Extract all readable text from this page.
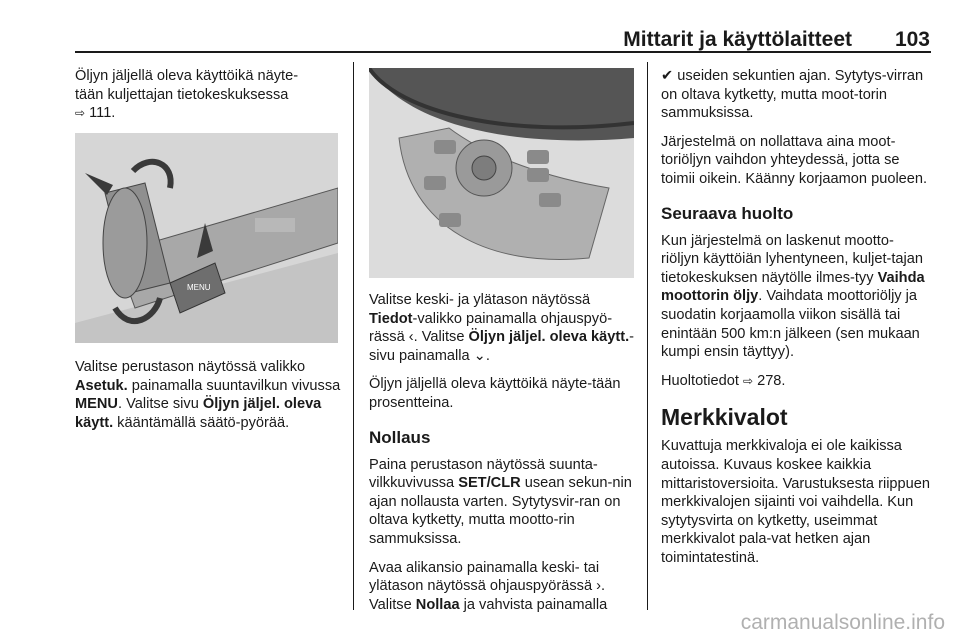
Mittarit ja käyttölaitteet	103

Öljyn jäljellä oleva käyttöikä näyte-
tään kuljettajan tietokeskuksessa
⇨ 111.

MENU

Valitse perustason näytössä valikko Asetuk. painamalla suuntavilkun vivussa MENU. Valitse sivu Öljyn jäljel. oleva käytt. kääntämällä säätö-pyörää.

Valitse keski- ja ylätason näytössä Tiedot-valikko painamalla ohjauspyö-rässä ‹. Valitse Öljyn jäljel. oleva käytt.-sivu painamalla ⌄.

Öljyn jäljellä oleva käyttöikä näyte-tään prosentteina.

Nollaus

Paina perustason näytössä suunta-vilkkuvivussa SET/CLR usean sekun-nin ajan nollausta varten. Sytytysvir-ran on oltava kytketty, mutta mootto-rin sammuksissa.

Avaa alikansio painamalla keski- tai ylätason näytössä ohjauspyörässä ›. Valitse Nollaa ja vahvista painamalla

✔ useiden sekuntien ajan. Sytytys-virran on oltava kytketty, mutta moot-torin sammuksissa.

Järjestelmä on nollattava aina moot-toriöljyn vaihdon yhteydessä, jotta se toimii oikein. Käänny korjaamon puoleen.

Seuraava huolto

Kun järjestelmä on laskenut mootto-riöljyn käyttöiän lyhentyneen, kuljet-tajan tietokeskuksen näytölle ilmes-tyy Vaihda moottorin öljy. Vaihdata moottoriöljy ja suodatin korjaamolla viikon sisällä tai enintään 500 km:n jälkeen (sen mukaan kumpi ensin täyttyy).

Huoltotiedot ⇨ 278.

Merkkivalot

Kuvattuja merkkivaloja ei ole kaikissa autoissa. Kuvaus koskee kaikkia mittaristoversioita. Varustuksesta riippuen merkkivalojen sijainti voi vaihdella. Kun sytytysvirta on kytketty, useimmat merkkivalot pala-vat hetken ajan toimintatestinä.

carmanualsonline.info
